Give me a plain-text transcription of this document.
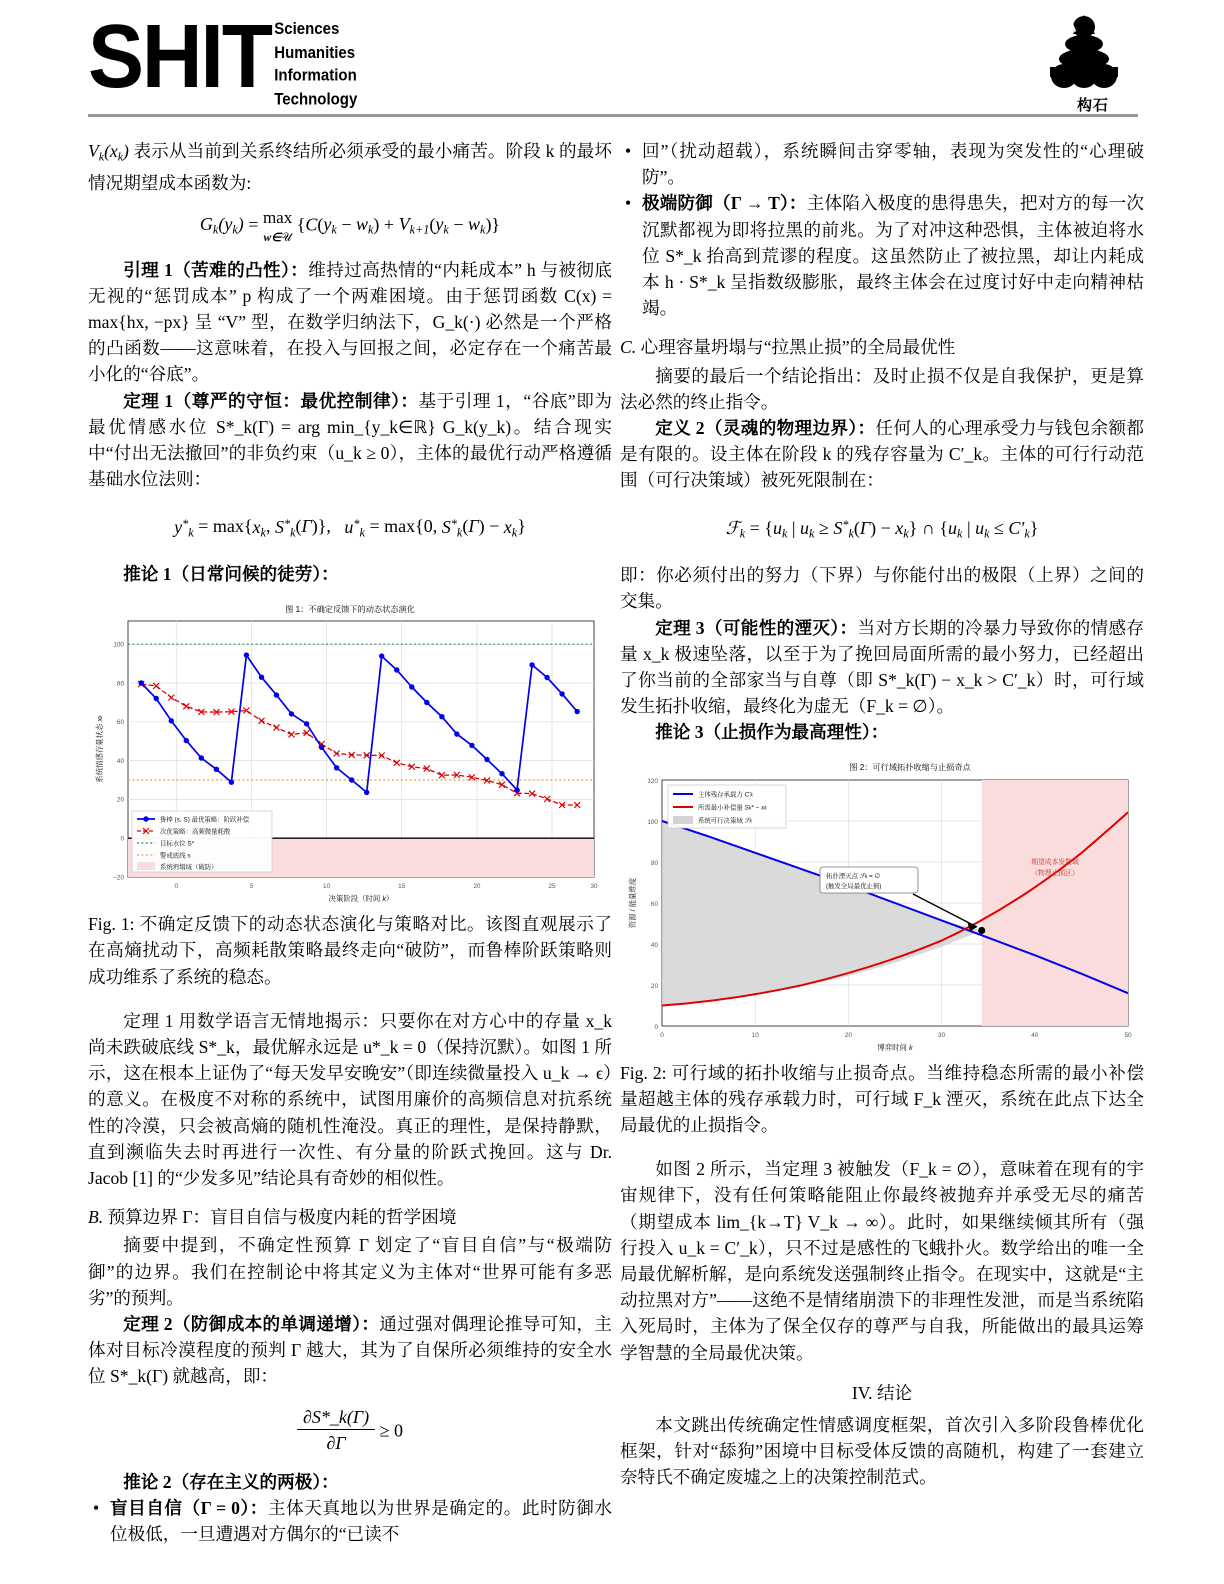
SHIT Sciences
Humanities
Information
Technology	构石

$V_k(x_k)$ 表示从当前到关系终结所必须承受的最小痛苦。阶段 k 的最坏情况期望成本函数为:

$G_k(y_k) = \max$
w∈𝒰 $\{C(y_k - w_k) + V_{k+1}(y_k - w_k)\}$

引理 1（苦难的凸性）：维持过高热情的“内耗成本” h 与被彻底无视的“惩罚成本” p 构成了一个两难困境。由于惩罚函数 C(x) = max{hx, −px} 呈 “V” 型，在数学归纳法下，G_k(·) 必然是一个严格的凸函数——这意味着，在投入与回报之间，必定存在一个痛苦最小化的“谷底”。

定理 1（尊严的守恒：最优控制律）：基于引理 1，“谷底”即为最优情感水位 S*_k(Γ) = arg min_{y_k∈ℝ} G_k(y_k)。结合现实中“付出无法撤回”的非负约束（u_k ≥ 0），主体的最优行动严格遵循基础水位法则：

$y^*_k = \max\{x_k$, $S^*_k(\Gamma)$}, $u^*_k = \max\{0$, $S^*_k(\Gamma) - x_k$}

推论 1（日常问候的徒劳）：

图 1：不确定反馈下的动态状态演化
100
80
60
40
20
0
−20
0	5	10	15	20	25	30
决策阶段（时间 k）
系统情感存量状态 xk
鲁棒 (s, S) 最优策略：阶跃补偿
次优策略：高频微量耗散
目标水位 S*
警戒底线 s
系统坍塌域（破防）

Fig. 1: 不确定反馈下的动态状态演化与策略对比。该图直观展示了在高熵扰动下，高频耗散策略最终走向“破防”，而鲁棒阶跃策略则成功维系了系统的稳态。

定理 1 用数学语言无情地揭示：只要你在对方心中的存量 x_k 尚未跌破底线 S*_k，最优解永远是 u*_k = 0（保持沉默）。如图 1 所示，这在根本上证伪了“每天发早安晚安”（即连续微量投入 u_k → ϵ）的意义。在极度不对称的系统中，试图用廉价的高频信息对抗系统性的冷漠，只会被高熵的随机性淹没。真正的理性，是保持静默，直到濒临失去时再进行一次性、有分量的阶跃式挽回。这与 Dr. Jacob [1] 的“少发多见”结论具有奇妙的相似性。

B. 预算边界 Γ：盲目自信与极度内耗的哲学困境

摘要中提到，不确定性预算 Γ 划定了“盲目自信”与“极端防御”的边界。我们在控制论中将其定义为主体对“世界可能有多恶劣”的预判。

定理 2（防御成本的单调递增）：通过强对偶理论推导可知，主体对目标冷漠程度的预判 Γ 越大，其为了自保所必须维持的安全水位 S*_k(Γ) 就越高，即：

$\frac{\partial S*\_k(\Gamma)}{\partial\Gamma} \ge 0$

推论 2（存在主义的两极）：

• 盲目自信（Γ = 0）：主体天真地以为世界是确定的。此时防御水位极低，一旦遭遇对方偶尔的“已读不
• 回”（扰动超载），系统瞬间击穿零轴，表现为突发性的“心理破防”。
• 极端防御（Γ → T）：主体陷入极度的患得患失，把对方的每一次沉默都视为即将拉黑的前兆。为了对冲这种恐惧，主体被迫将水位 S*_k 抬高到荒谬的程度。这虽然防止了被拉黑，却让内耗成本 h · S*_k 呈指数级膨胀，最终主体会在过度讨好中走向精神枯竭。

C. 心理容量坍塌与“拉黑止损”的全局最优性

摘要的最后一个结论指出：及时止损不仅是自我保护，更是算法必然的终止指令。

定义 2（灵魂的物理边界）：任何人的心理承受力与钱包余额都是有限的。设主体在阶段 k 的残存容量为 C′_k。主体的可行行动范围（可行决策域）被死死限制在：

ℱ$_k$ = {$u_k$ | $u_k \ge S^*_k(\Gamma) - x_k$} ∩ {$u_k$ | $u_k \le C'_k$}

即：你必须付出的努力（下界）与你能付出的极限（上界）之间的交集。

定理 3（可能性的湮灭）：当对方长期的冷暴力导致你的情感存量 x_k 极速坠落，以至于为了挽回局面所需的最小努力，已经超出了你当前的全部家当与自尊（即 S*_k(Γ) − x_k > C′_k）时，可行域发生拓扑收缩，最终化为虚无（F_k = ∅）。

推论 3（止损作为最高理性）：

图 2：可行域拓扑收缩与止损奇点
拓扑湮灭点 ℱk = ∅
(触发全局最优止损)
期望成本发散域
（物理止损区）
120
100
80
60
40
20
0
0	10	20	30	40	50
博弈时间 k
资源 / 能量维度
主体残存承载力 C′k
所需最小补偿量 Sk* − xk
系统可行决策域 ℱk

Fig. 2: 可行域的拓扑收缩与止损奇点。当维持稳态所需的最小补偿量超越主体的残存承载力时，可行域 F_k 湮灭，系统在此点下达全局最优的止损指令。

如图 2 所示，当定理 3 被触发（F_k = ∅），意味着在现有的宇宙规律下，没有任何策略能阻止你最终被抛弃并承受无尽的痛苦（期望成本 lim_{k→T} V_k → ∞）。此时，如果继续倾其所有（强行投入 u_k = C′_k），只不过是感性的飞蛾扑火。数学给出的唯一全局最优解析解，是向系统发送强制终止指令。在现实中，这就是“主动拉黑对方”——这绝不是情绪崩溃下的非理性发泄，而是当系统陷入死局时，主体为了保全仅存的尊严与自我，所能做出的最具运筹学智慧的全局最优决策。

IV. 结论

本文跳出传统确定性情感调度框架，首次引入多阶段鲁棒优化框架，针对“舔狗”困境中目标受体反馈的高随机，构建了一套建立奈特氏不确定废墟之上的决策控制范式。
